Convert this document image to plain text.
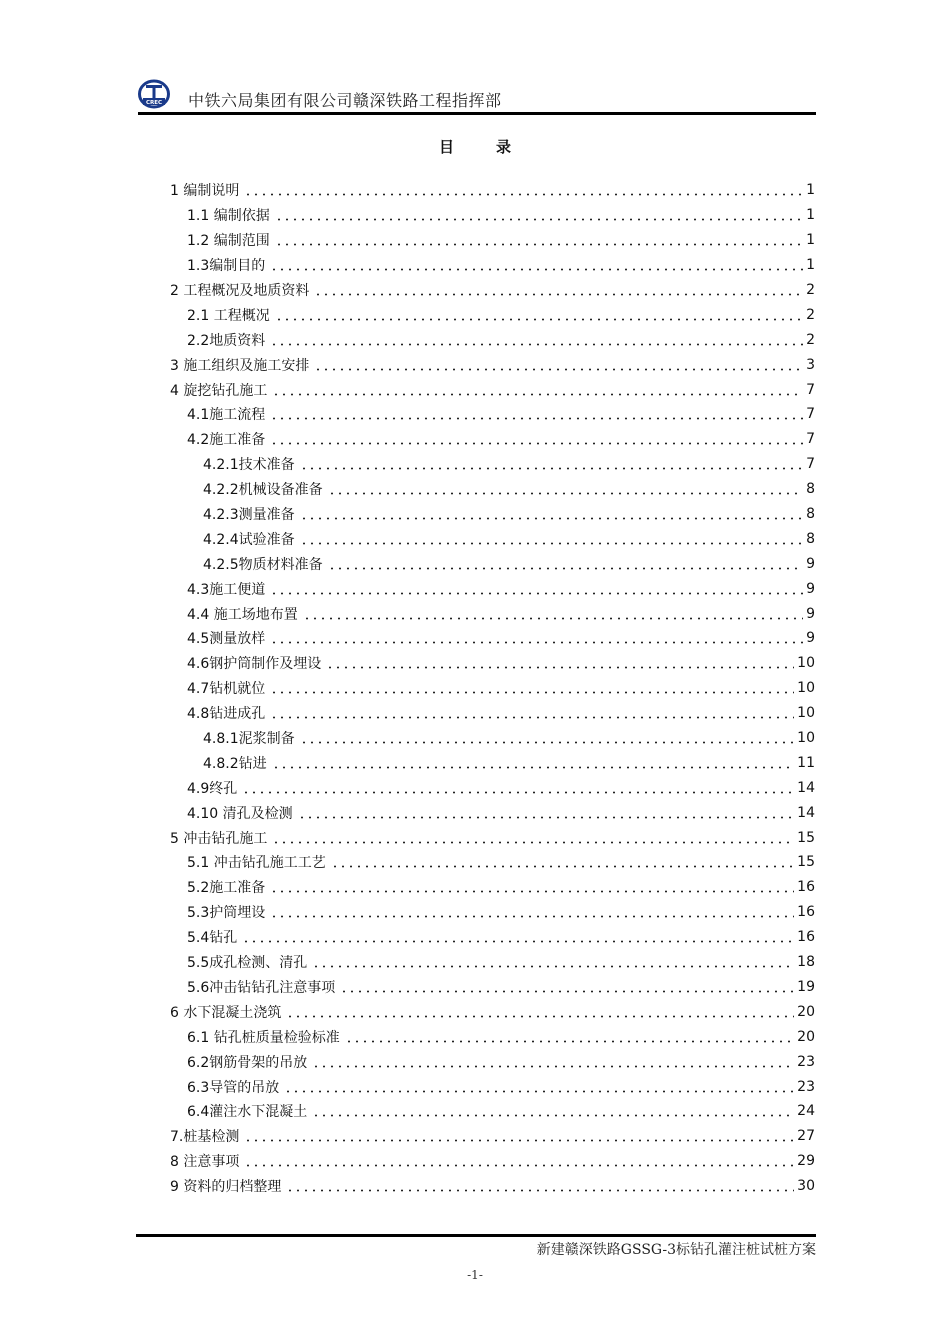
CREC 中铁六局集团有限公司赣深铁路工程指挥部
目	录
1 编制说明	1
1.1 编制依据	1
1.2 编制范围	1
1.3编制目的	1
2 工程概况及地质资料	2
2.1 工程概况	2
2.2地质资料	2
3 施工组织及施工安排	3
4 旋挖钻孔施工	7
4.1施工流程	7
4.2施工准备	7
4.2.1技术准备	7
4.2.2机械设备准备	8
4.2.3测量准备	8
4.2.4试验准备	8
4.2.5物质材料准备	9
4.3施工便道	9
4.4 施工场地布置	9
4.5测量放样	9
4.6钢护筒制作及埋设	10
4.7钻机就位	10
4.8钻进成孔	10
4.8.1泥浆制备	10
4.8.2钻进	11
4.9终孔	14
4.10 清孔及检测	14
5 冲击钻孔施工	15
5.1 冲击钻孔施工工艺	15
5.2施工准备	16
5.3护筒埋设	16
5.4钻孔	16
5.5成孔检测、清孔	18
5.6冲击钻钻孔注意事项	19
6 水下混凝土浇筑	20
6.1 钻孔桩质量检验标准	20
6.2钢筋骨架的吊放	23
6.3导管的吊放	23
6.4灌注水下混凝土	24
7.桩基检测	27
8 注意事项	29
9 资料的归档整理	30
新建赣深铁路GSSG-3标钻孔灌注桩试桩方案
-1-
